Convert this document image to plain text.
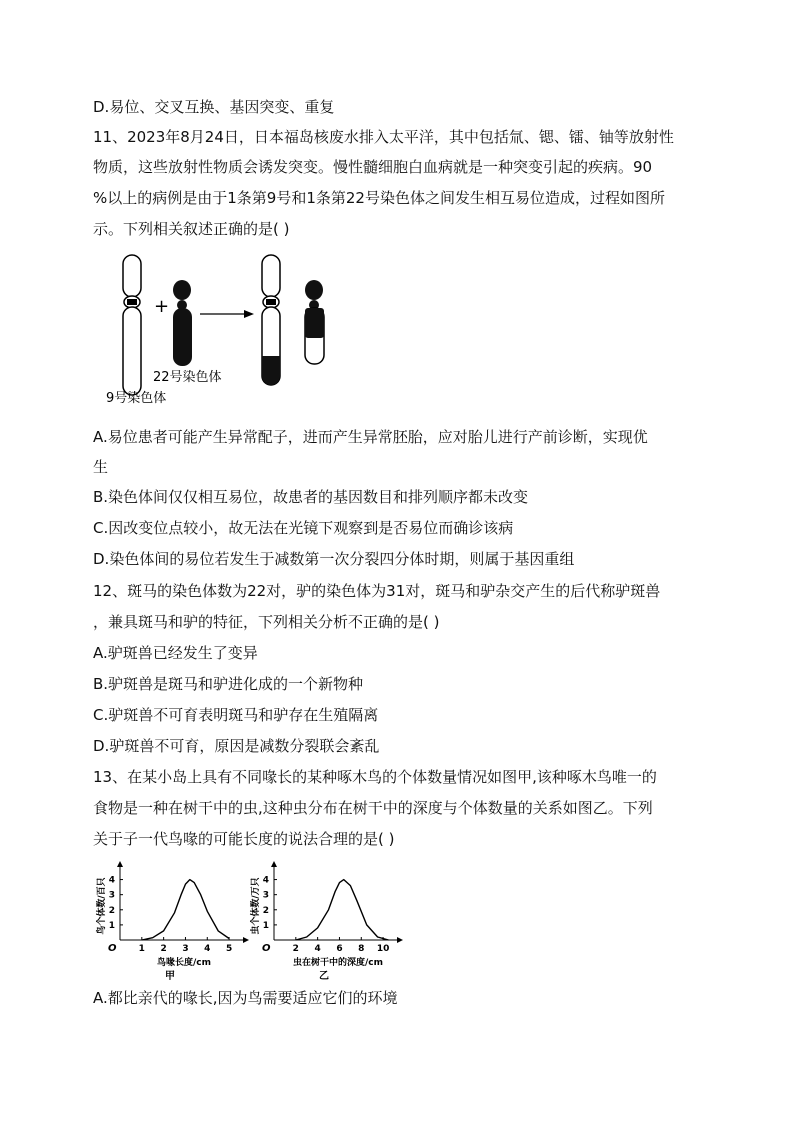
D.易位、交叉互换、基因突变、重复
11、2023年8月24日，日本福岛核废水排入太平洋，其中包括氚、锶、镭、铀等放射性
物质，这些放射性物质会诱发突变。慢性髓细胞白血病就是一种突变引起的疾病。90
%以上的病例是由于1条第9号和1条第22号染色体之间发生相互易位造成，过程如图所
示。下列相关叙述正确的是( )
+
22号染色体
9号染色体
A.易位患者可能产生异常配子，进而产生异常胚胎，应对胎儿进行产前诊断，实现优
生
B.染色体间仅仅相互易位，故患者的基因数目和排列顺序都未改变
C.因改变位点较小，故无法在光镜下观察到是否易位而确诊该病
D.染色体间的易位若发生于减数第一次分裂四分体时期，则属于基因重组
12、斑马的染色体数为22对，驴的染色体为31对，斑马和驴杂交产生的后代称驴斑兽
，兼具斑马和驴的特征，下列相关分析不正确的是( )
A.驴斑兽已经发生了变异
B.驴斑兽是斑马和驴进化成的一个新物种
C.驴斑兽不可育表明斑马和驴存在生殖隔离
D.驴斑兽不可育，原因是减数分裂联会紊乱
13、在某小岛上具有不同喙长的某种啄木鸟的个体数量情况如图甲,该种啄木鸟唯一的
食物是一种在树干中的虫,这种虫分布在树干中的深度与个体数量的关系如图乙。下列
关于子一代鸟喙的可能长度的说法合理的是( )
O 1 2 3 4 5
1
2
3
4
鸟喙长度/cm
鸟个体数/百只
甲
O 2 4 6 8 10
1
2
3
4
虫在树干中的深度/cm
虫个体数/万只
乙
A.都比亲代的喙长,因为鸟需要适应它们的环境
